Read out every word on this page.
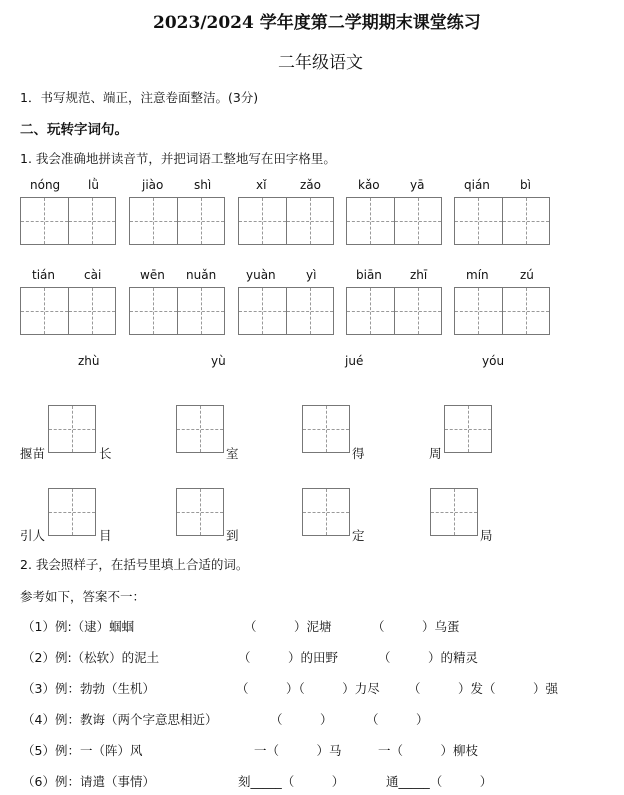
2023/2024 学年度第二学期期末课堂练习
二年级语文
1．书写规范、端正，注意卷面整洁。(3分)
二、玩转字词句。
1. 我会准确地拼读音节，并把词语工整地写在田字格里。
nóng lǜ	jiào	shì	xǐ	zǎo	kǎo	yā	qián	bì
tián cài	wēn nuǎn yuàn	yì	biān zhī	mín	zú
zhù	yù	jué	yóu
揠苗	长	室	得	周
引人	目	到	定	局
2. 我会照样子，在括号里填上合适的词。
参考如下，答案不一：
（1）例:（逮）蝈蝈	（　　　）泥塘	（　　　）乌蛋
（2）例:（松软）的泥土	（　　　）的田野	（　　　）的精灵
（3）例：勃勃（生机）	（　　　）（　　　）力尽 （　　　）发（　　　）强
（4）例：教诲（两个字意思相近）	（　　　）	（　　　）
（5）例：一（阵）风	一（　　　）马	一（　　　）柳枝
（6）例：请遣（事情）	刻_____（　　　）	通_____（　　　）
